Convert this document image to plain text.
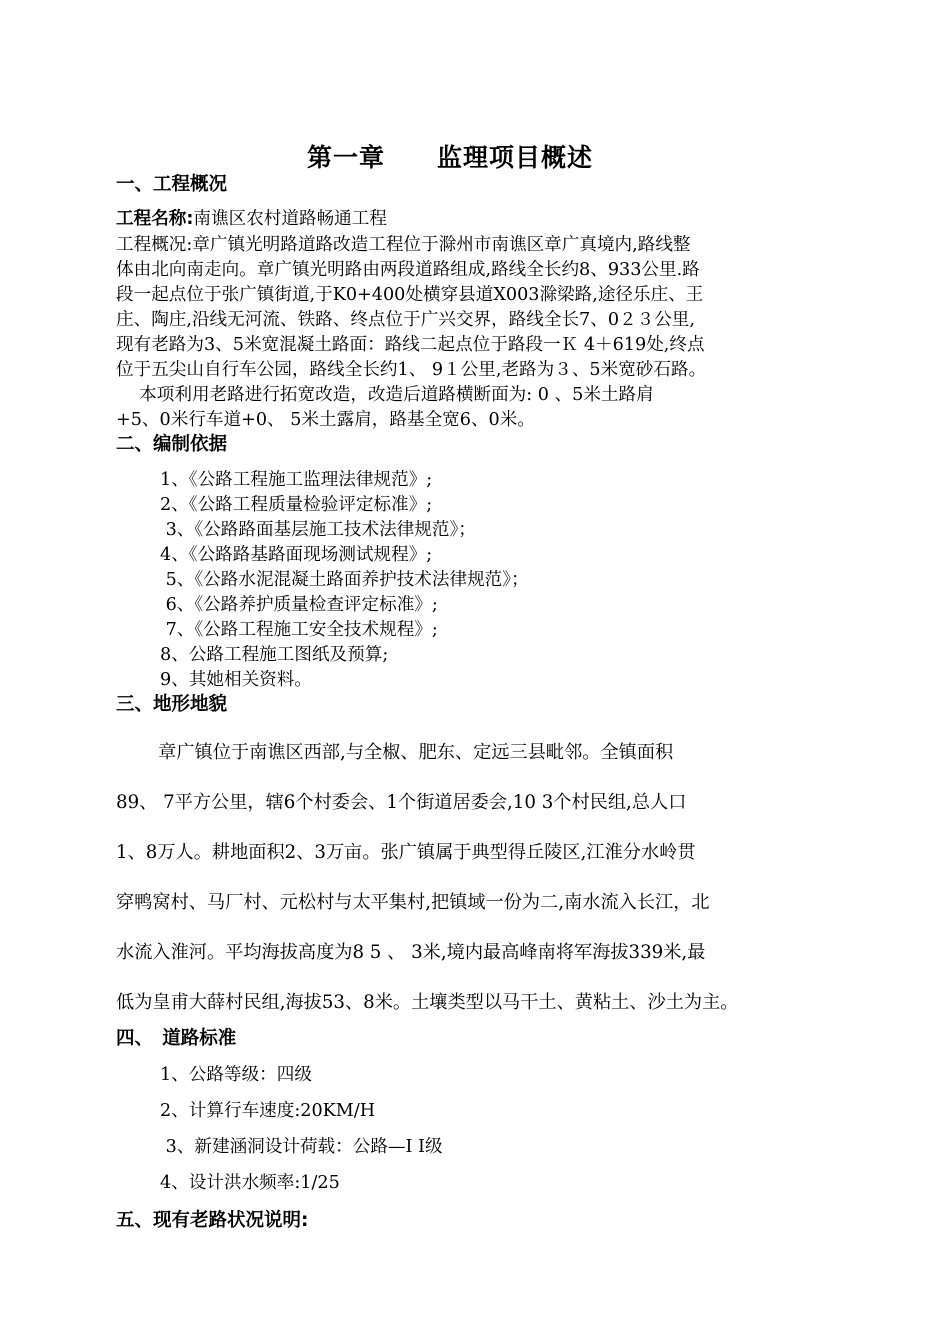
第一章　　监理项目概述
一、工程概况
工程名称:南谯区农村道路畅通工程
工程概况:章广镇光明路道路改造工程位于滁州市南谯区章广真境内,路线整
体由北向南走向。章广镇光明路由两段道路组成,路线全长约8、933公里.路
段一起点位于张广镇街道,于K0+400处横穿县道X003滁梁路,途径乐庄、王
庄、陶庄,沿线无河流、铁路、终点位于广兴交界，路线全长7、0２３公里,
现有老路为3、5米宽混凝土路面：路线二起点位于路段一Ｋ 4＋619处,终点
位于五尖山自行车公园，路线全长约1、 9１公里,老路为３、5米宽砂石路。
　 本项利用老路进行拓宽改造，改造后道路横断面为: 0 、5米土路肩
+5、0米行车道+0、 5米土露肩，路基全宽6、0米。
二、编制依据
1、《公路工程施工监理法律规范》;
2、《公路工程质量检验评定标准》;
3、《公路路面基层施工技术法律规范》；
4、《公路路基路面现场测试规程》;
5、《公路水泥混凝土路面养护技术法律规范》；
6、《公路养护质量检查评定标准》;
7、《公路工程施工安全技术规程》;
8、公路工程施工图纸及预算;
9、其她相关资料。
三、地形地貌
　　 章广镇位于南谯区西部,与全椒、肥东、定远三县毗邻。全镇面积
89、 7平方公里，辖6个村委会、1个街道居委会,10 3个村民组,总人口
1、8万人。耕地面积2、3万亩。张广镇属于典型得丘陵区,江淮分水岭贯
穿鸭窝村、马厂村、元松村与太平集村,把镇域一份为二,南水流入长江，北
水流入淮河。平均海拔高度为8 5 、 3米,境内最高峰南将军海拔339米,最
低为皇甫大薛村民组,海拔53、8米。土壤类型以马干土、黄粘土、沙土为主。
四、　道路标准
1、公路等级：四级
2、计算行车速度:20KM/H
3、新建涵洞设计荷载：公路—I I级
4、设计洪水频率:1/25
五、现有老路状况说明:
